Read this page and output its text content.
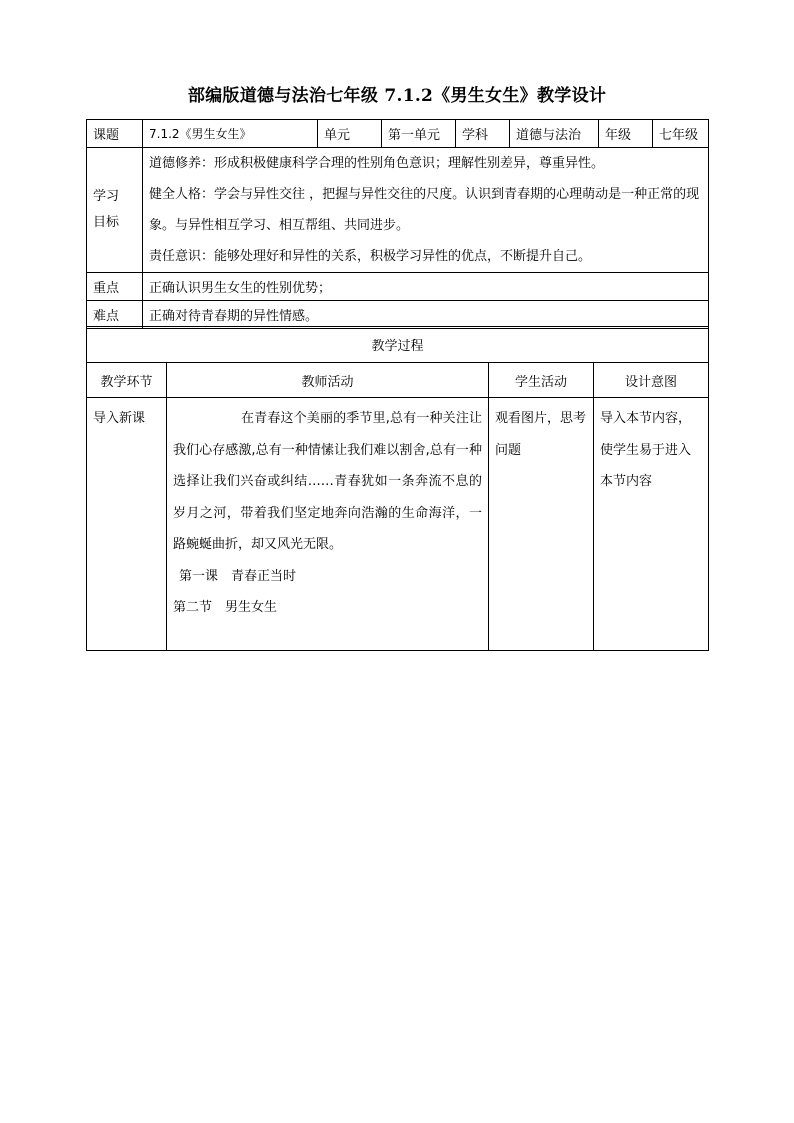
部编版道德与法治七年级 7.1.2《男生女生》教学设计
课题	7.1.2《男生女生》	单元	第一单元	学科	道德与法治	年级	七年级

学习
目标	道德修养：形成积极健康科学合理的性别角色意识；理解性别差异，尊重异性。
健全人格：学会与异性交往 ，把握与异性交往的尺度。认识到青春期的心理萌动是一种正常的现象。与异性相互学习、相互帮组、共同进步。
责任意识：能够处理好和异性的关系，积极学习异性的优点，不断提升自己。						

重点	正确认识男生女生的性别优势；						
难点	正确对待青春期的异性情感。						
教学过程			
教学环节	教师活动	学生活动	设计意图
导入新课	在青春这个美丽的季节里,总有一种关注让我们心存感激,总有一种情愫让我们难以割舍,总有一种选择让我们兴奋或纠结……青春犹如一条奔流不息的岁月之河，带着我们坚定地奔向浩瀚的生命海洋，一路蜿蜒曲折，却又风光无限。
第一课　青春正当时
第二节　男生女生	观看图片，思考问题	导入本节内容，使学生易于进入本节内容
